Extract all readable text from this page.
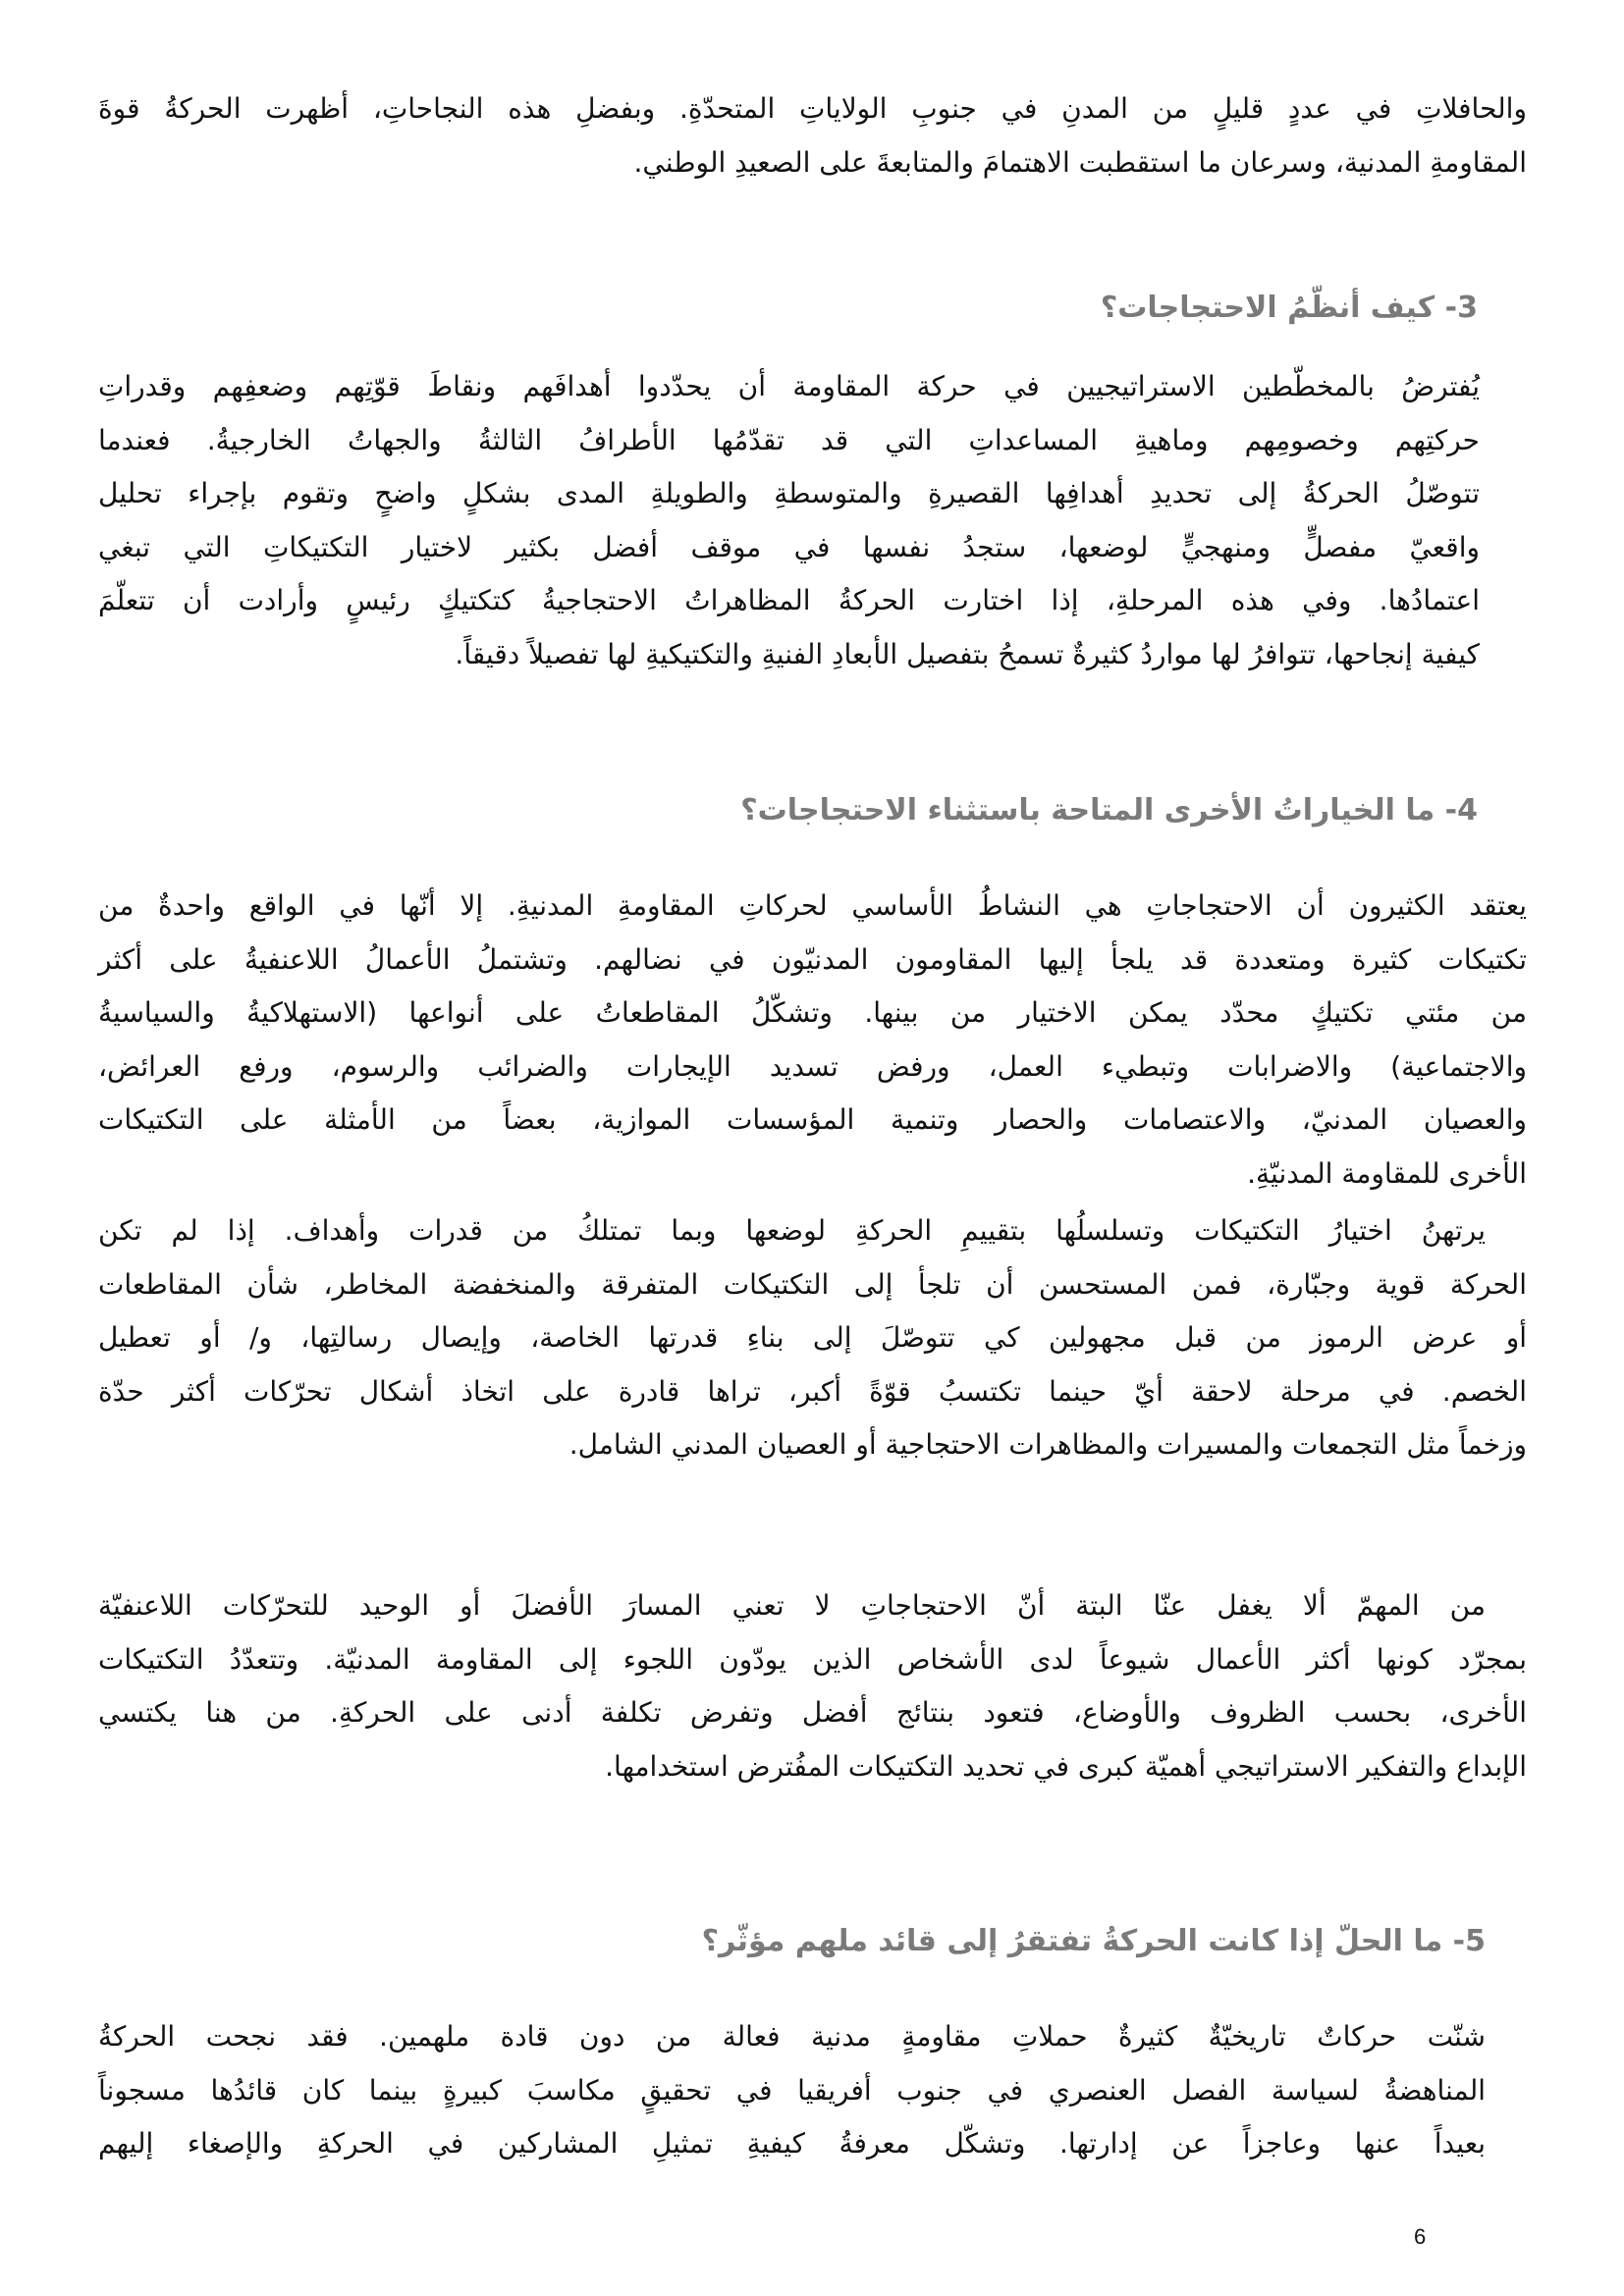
والحافلاتِ في عددٍ قليلٍ من المدنِ في جنوبِ الولاياتِ المتحدّةِ. وبفضلِ هذه النجاحاتِ، أظهرت الحركةُ قوةَ
المقاومةِ المدنية، وسرعان ما استقطبت الاهتمامَ والمتابعةَ على الصعيدِ الوطني.

3- كيف أنظّمُ الاحتجاجات؟

يُفترضُ بالمخطّطين الاستراتيجيين في حركة المقاومة أن يحدّدوا أهدافَهم ونقاطَ قوّتِهم وضعفِهم وقدراتِ
حركتِهم وخصومِهم وماهيةِ المساعداتِ التي قد تقدّمُها الأطرافُ الثالثةُ والجهاتُ الخارجيةُ. فعندما
تتوصّلُ الحركةُ إلى تحديدِ أهدافِها القصيرةِ والمتوسطةِ والطويلةِ المدى بشكلٍ واضحٍ وتقوم بإجراء تحليل
واقعيّ مفصلٍّ ومنهجيٍّ لوضعها، ستجدُ نفسها في موقف أفضل بكثير لاختيار التكتيكاتِ التي تبغي
اعتمادُها. وفي هذه المرحلةِ، إذا اختارت الحركةُ المظاهراتُ الاحتجاجيةُ كتكتيكٍ رئيسٍ وأرادت أن تتعلّمَ
كيفية إنجاحها، تتوافرُ لها مواردُ كثيرةٌ تسمحُ بتفصيل الأبعادِ الفنيةِ والتكتيكيةِ لها تفصيلاً دقيقاً.

4- ما الخياراتُ الأخرى المتاحة باستثناء الاحتجاجات؟

يعتقد الكثيرون أن الاحتجاجاتِ هي النشاطُ الأساسي لحركاتِ المقاومةِ المدنيةِ. إلا أنّها في الواقع واحدةٌ من
تكتيكات كثيرة ومتعددة قد يلجأ إليها المقاومون المدنيّون في نضالهم. وتشتملُ الأعمالُ اللاعنفيةُ على أكثر
من مئتي تكتيكٍ محدّد يمكن الاختيار من بينها. وتشكّلُ المقاطعاتُ على أنواعها (الاستهلاكيةُ والسياسيةُ
والاجتماعية) والاضرابات وتبطيء العمل، ورفض تسديد الإيجارات والضرائب والرسوم، ورفع العرائض،
والعصيان المدنيّ، والاعتصامات والحصار وتنمية المؤسسات الموازية، بعضاً من الأمثلة على التكتيكات
الأخرى للمقاومة المدنيّةِ.

يرتهنُ اختيارُ التكتيكات وتسلسلُها بتقييمِ الحركةِ لوضعها وبما تمتلكُ من قدرات وأهداف. إذا لم تكن
الحركة قوية وجبّارة، فمن المستحسن أن تلجأ إلى التكتيكات المتفرقة والمنخفضة المخاطر، شأن المقاطعات
أو عرض الرموز من قبل مجهولين كي تتوصّلَ إلى بناءِ قدرتها الخاصة، وإيصال رسالتِها، و/ أو تعطيل
الخصم. في مرحلة لاحقة أيّ حينما تكتسبُ قوّةً أكبر، تراها قادرة على اتخاذ أشكال تحرّكات أكثر حدّة
وزخماً مثل التجمعات والمسيرات والمظاهرات الاحتجاجية أو العصيان المدني الشامل.

من المهمّ ألا يغفل عنّا البتة أنّ الاحتجاجاتِ لا تعني المسارَ الأفضلَ أو الوحيد للتحرّكات اللاعنفيّة
بمجرّد كونها أكثر الأعمال شيوعاً لدى الأشخاص الذين يودّون اللجوء إلى المقاومة المدنيّة. وتتعدّدُ التكتيكات
الأخرى، بحسب الظروف والأوضاع، فتعود بنتائج أفضل وتفرض تكلفة أدنى على الحركةِ. من هنا يكتسي
الإبداع والتفكير الاستراتيجي أهميّة كبرى في تحديد التكتيكات المفُترض استخدامها.

5- ما الحلّ إذا كانت الحركةُ تفتقرُ إلى قائد ملهم مؤثّر؟

شنّت حركاتٌ تاريخيّةٌ كثيرةٌ حملاتِ مقاومةٍ مدنية فعالة من دون قادة ملهمين. فقد نجحت الحركةُ
المناهضةُ لسياسة الفصل العنصري في جنوب أفريقيا في تحقيقٍ مكاسبَ كبيرةٍ بينما كان قائدُها مسجوناً
بعيداً عنها وعاجزاً عن إدارتها. وتشكّل معرفةُ كيفيةِ تمثيلِ المشاركين في الحركةِ والإصغاء إليهم

6
